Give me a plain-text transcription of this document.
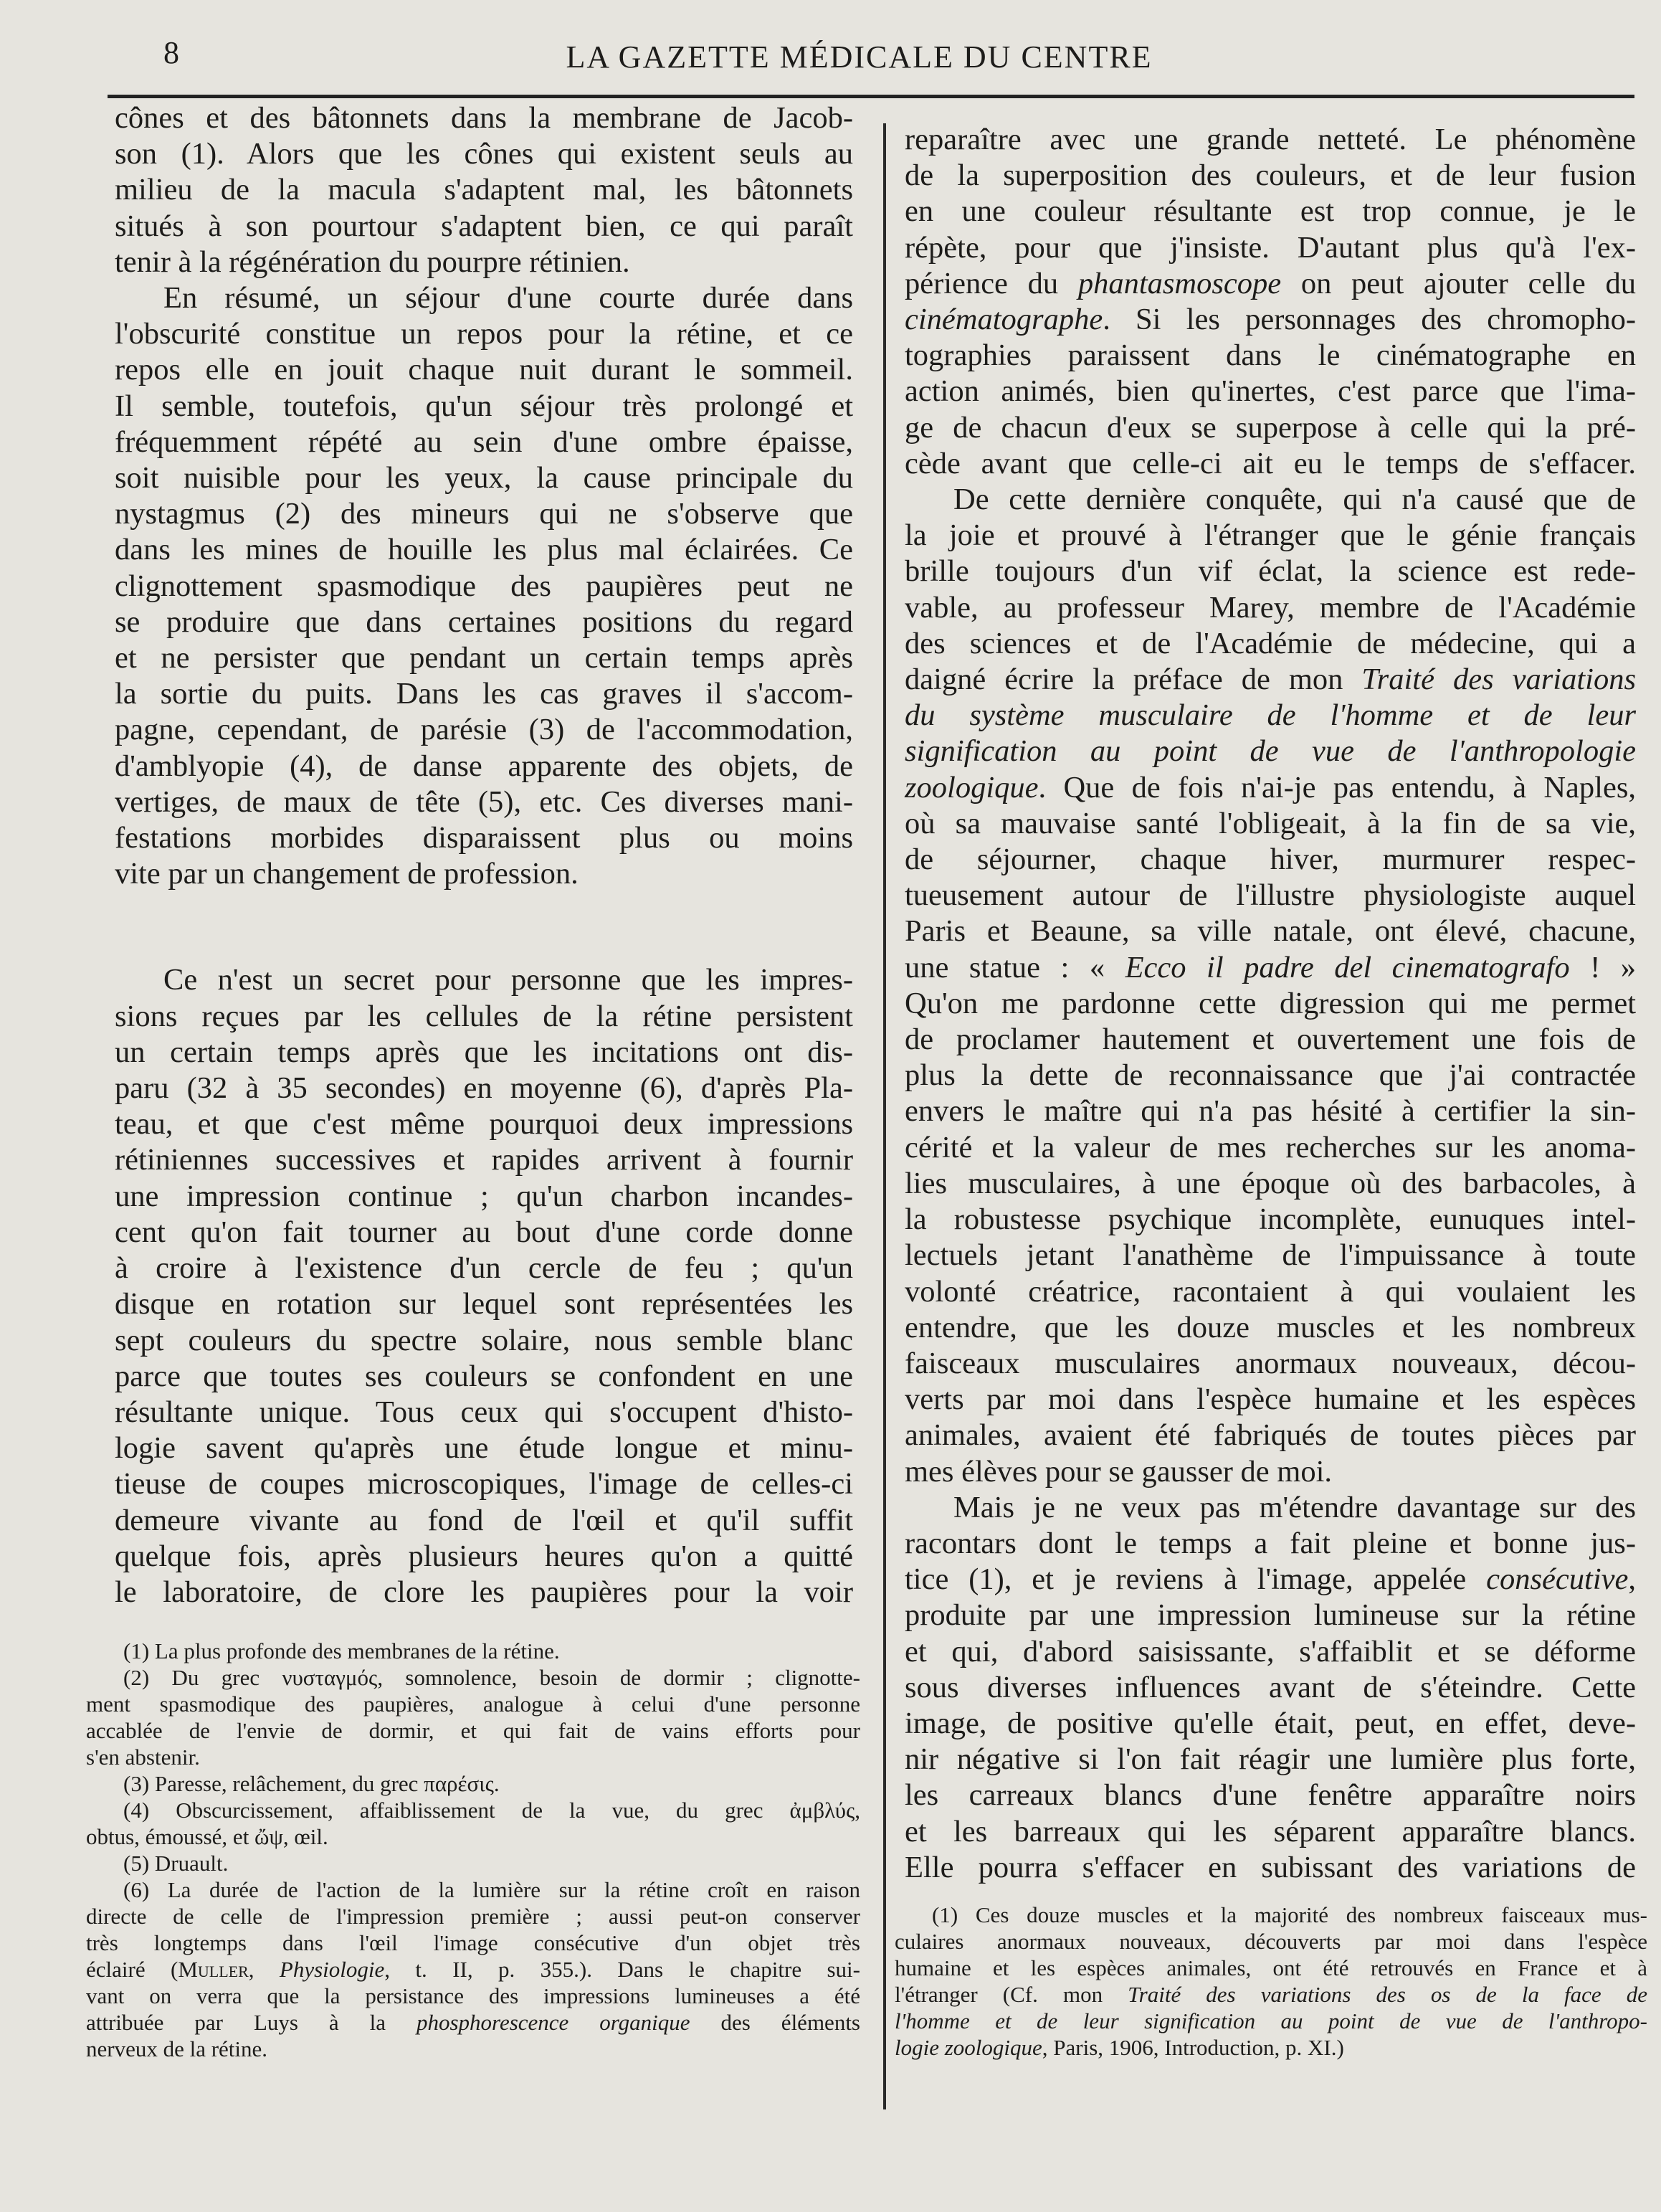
8	LA GAZETTE MÉDICALE DU CENTRE

cônes et des bâtonnets dans la membrane de Jacob-
son (1). Alors que les cônes qui existent seuls au
milieu de la macula s'adaptent mal, les bâtonnets
situés à son pourtour s'adaptent bien, ce qui paraît
tenir à la régénération du pourpre rétinien.

En résumé, un séjour d'une courte durée dans
l'obscurité constitue un repos pour la rétine, et ce
repos elle en jouit chaque nuit durant le sommeil.
Il semble, toutefois, qu'un séjour très prolongé et
fréquemment répété au sein d'une ombre épaisse,
soit nuisible pour les yeux, la cause principale du
nystagmus (2) des mineurs qui ne s'observe que
dans les mines de houille les plus mal éclairées. Ce
clignottement spasmodique des paupières peut ne
se produire que dans certaines positions du regard
et ne persister que pendant un certain temps après
la sortie du puits. Dans les cas graves il s'accom-
pagne, cependant, de parésie (3) de l'accommodation,
d'amblyopie (4), de danse apparente des objets, de
vertiges, de maux de tête (5), etc. Ces diverses mani-
festations morbides disparaissent plus ou moins
vite par un changement de profession.

Ce n'est un secret pour personne que les impres-
sions reçues par les cellules de la rétine persistent
un certain temps après que les incitations ont dis-
paru (32 à 35 secondes) en moyenne (6), d'après Pla-
teau, et que c'est même pourquoi deux impressions
rétiniennes successives et rapides arrivent à fournir
une impression continue ; qu'un charbon incandes-
cent qu'on fait tourner au bout d'une corde donne
à croire à l'existence d'un cercle de feu ; qu'un
disque en rotation sur lequel sont représentées les
sept couleurs du spectre solaire, nous semble blanc
parce que toutes ses couleurs se confondent en une
résultante unique. Tous ceux qui s'occupent d'histo-
logie savent qu'après une étude longue et minu-
tieuse de coupes microscopiques, l'image de celles-ci
demeure vivante au fond de l'œil et qu'il suffit
quelque fois, après plusieurs heures qu'on a quitté
le laboratoire, de clore les paupières pour la voir

(1) La plus profonde des membranes de la rétine.

(2) Du grec νυσταγμός, somnolence, besoin de dormir ; clignotte-
ment spasmodique des paupières, analogue à celui d'une personne
accablée de l'envie de dormir, et qui fait de vains efforts pour
s'en abstenir.

(3) Paresse, relâchement, du grec παρέσις.

(4) Obscurcissement, affaiblissement de la vue, du grec ἀμβλύς,
obtus, émoussé, et ὤψ, œil.

(5) Druault.

(6) La durée de l'action de la lumière sur la rétine croît en raison
directe de celle de l'impression première ; aussi peut-on conserver
très longtemps dans l'œil l'image consécutive d'un objet très
éclairé (Muller, Physiologie, t. II, p. 355.). Dans le chapitre sui-
vant on verra que la persistance des impressions lumineuses a été
attribuée par Luys à la phosphorescence organique des éléments
nerveux de la rétine.

reparaître avec une grande netteté. Le phénomène
de la superposition des couleurs, et de leur fusion
en une couleur résultante est trop connue, je le
répète, pour que j'insiste. D'autant plus qu'à l'ex-
périence du phantasmoscope on peut ajouter celle du
cinématographe. Si les personnages des chromopho-
tographies paraissent dans le cinématographe en
action animés, bien qu'inertes, c'est parce que l'ima-
ge de chacun d'eux se superpose à celle qui la pré-
cède avant que celle-ci ait eu le temps de s'effacer.

De cette dernière conquête, qui n'a causé que de
la joie et prouvé à l'étranger que le génie français
brille toujours d'un vif éclat, la science est rede-
vable, au professeur Marey, membre de l'Académie
des sciences et de l'Académie de médecine, qui a
daigné écrire la préface de mon Traité des variations
du système musculaire de l'homme et de leur
signification au point de vue de l'anthropologie
zoologique. Que de fois n'ai-je pas entendu, à Naples,
où sa mauvaise santé l'obligeait, à la fin de sa vie,
de séjourner, chaque hiver, murmurer respec-
tueusement autour de l'illustre physiologiste auquel
Paris et Beaune, sa ville natale, ont élevé, chacune,
une statue : « Ecco il padre del cinematografo ! »
Qu'on me pardonne cette digression qui me permet
de proclamer hautement et ouvertement une fois de
plus la dette de reconnaissance que j'ai contractée
envers le maître qui n'a pas hésité à certifier la sin-
cérité et la valeur de mes recherches sur les anoma-
lies musculaires, à une époque où des barbacoles, à
la robustesse psychique incomplète, eunuques intel-
lectuels jetant l'anathème de l'impuissance à toute
volonté créatrice, racontaient à qui voulaient les
entendre, que les douze muscles et les nombreux
faisceaux musculaires anormaux nouveaux, décou-
verts par moi dans l'espèce humaine et les espèces
animales, avaient été fabriqués de toutes pièces par
mes élèves pour se gausser de moi.

Mais je ne veux pas m'étendre davantage sur des
racontars dont le temps a fait pleine et bonne jus-
tice (1), et je reviens à l'image, appelée consécutive,
produite par une impression lumineuse sur la rétine
et qui, d'abord saisissante, s'affaiblit et se déforme
sous diverses influences avant de s'éteindre. Cette
image, de positive qu'elle était, peut, en effet, deve-
nir négative si l'on fait réagir une lumière plus forte,
les carreaux blancs d'une fenêtre apparaître noirs
et les barreaux qui les séparent apparaître blancs.
Elle pourra s'effacer en subissant des variations de

(1) Ces douze muscles et la majorité des nombreux faisceaux mus-
culaires anormaux nouveaux, découverts par moi dans l'espèce
humaine et les espèces animales, ont été retrouvés en France et à
l'étranger (Cf. mon Traité des variations des os de la face de
l'homme et de leur signification au point de vue de l'anthropo-
logie zoologique, Paris, 1906, Introduction, p. XI.)
